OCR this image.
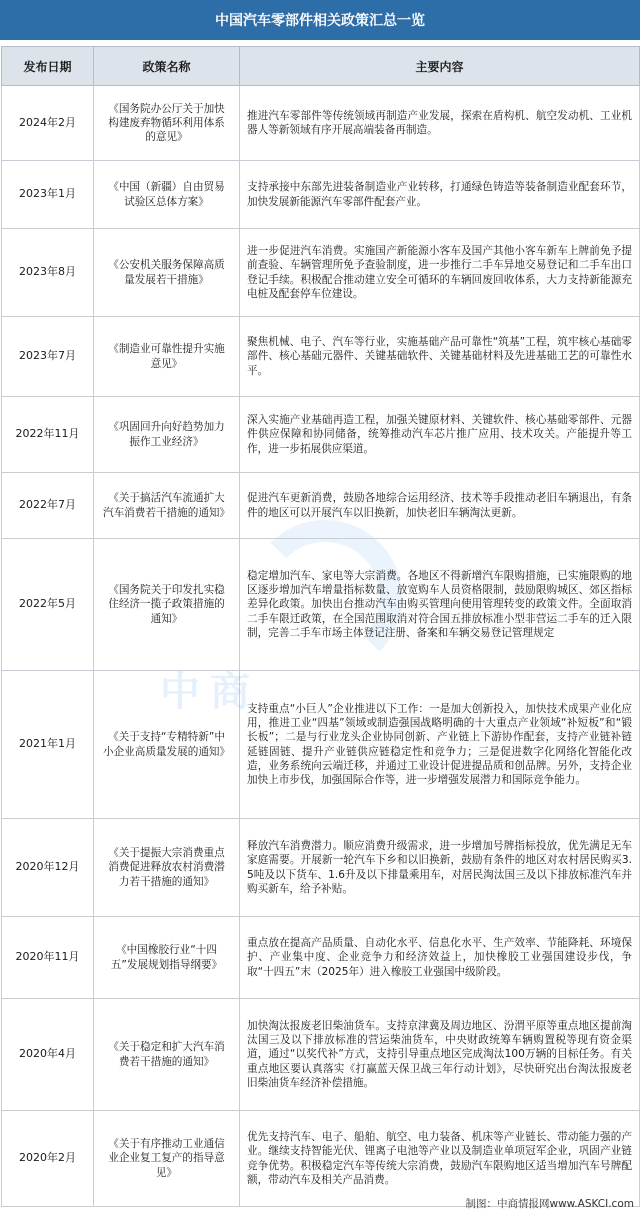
中国汽车零部件相关政策汇总一览
发布日期	政策名称	主要内容
2024年2月	《国务院办公厅关于加快构建废弃物循环利用体系的意见》	推进汽车零部件等传统领域再制造产业发展，探索在盾构机、航空发动机、工业机器人等新领域有序开展高端装备再制造。
2023年1月	《中国（新疆）自由贸易试验区总体方案》	支持承接中东部先进装备制造业产业转移，打通绿色铸造等装备制造业配套环节，加快发展新能源汽车零部件配套产业。
2023年8月	《公安机关服务保障高质量发展若干措施》	进一步促进汽车消费。实施国产新能源小客车及国产其他小客车新车上牌前免予提前查验、车辆管理所免予查验制度，进一步推行二手车异地交易登记和二手车出口登记手续。积极配合推动建立安全可循环的车辆回废回收体系，大力支持新能源充电桩及配套停车位建设。
2023年7月	《制造业可靠性提升实施意见》	聚焦机械、电子、汽车等行业，实施基础产品可靠性“筑基”工程，筑牢核心基础零部件、核心基础元器件、关键基础软件、关键基础材料及先进基础工艺的可靠性水平。
2022年11月	《巩固回升向好趋势加力振作工业经济》	深入实施产业基础再造工程，加强关键原材料、关键软件、核心基础零部件、元器件供应保障和协同储备，统筹推动汽车芯片推广应用、技术攻关。产能提升等工作，进一步拓展供应渠道。
2022年7月	《关于搞活汽车流通扩大汽车消费若干措施的通知》	促进汽车更新消费，鼓励各地综合运用经济、技术等手段推动老旧车辆退出，有条件的地区可以开展汽车以旧换新，加快老旧车辆淘汰更新。
2022年5月	《国务院关于印发扎实稳住经济一揽子政策措施的通知》	稳定增加汽车、家电等大宗消费。各地区不得新增汽车限购措施，已实施限购的地区逐步增加汽车增量指标数量、放宽购车人员资格限制，鼓励限购城区、郊区指标差异化政策。加快出台推动汽车由购买管理向使用管理转变的政策文件。全面取消二手车限迁政策，在全国范围取消对符合国五排放标准小型非营运二手车的迁入限制，完善二手车市场主体登记注册、备案和车辆交易登记管理规定
2021年1月	《关于支持“专精特新”中小企业高质量发展的通知》	支持重点“小巨人”企业推进以下工作：一是加大创新投入，加快技术成果产业化应用，推进工业“四基”领域或制造强国战略明确的十大重点产业领域“补短板”和“锻长板”；二是与行业龙头企业协同创新、产业链上下游协作配套，支持产业链补链延链固链、提升产业链供应链稳定性和竞争力；三是促进数字化网络化智能化改造，业务系统向云端迁移，并通过工业设计促进提品质和创品牌。另外，支持企业加快上市步伐，加强国际合作等，进一步增强发展潜力和国际竞争能力。
2020年12月	《关于提振大宗消费重点消费促进释放农村消费潜力若干措施的通知》	释放汽车消费潜力。顺应消费升级需求，进一步增加号牌指标投放，优先满足无车家庭需要。开展新一轮汽车下乡和以旧换新，鼓励有条件的地区对农村居民购买3.5吨及以下货车、1.6升及以下排量乘用车，对居民淘汰国三及以下排放标准汽车并购买新车，给予补贴。
2020年11月	《中国橡胶行业“十四五”发展规划指导纲要》	重点放在提高产品质量、自动化水平、信息化水平、生产效率、节能降耗、环境保护、产业集中度、企业竞争力和经济效益上，加快橡胶工业强国建设步伐，争取“十四五”末（2025年）进入橡胶工业强国中级阶段。
2020年4月	《关于稳定和扩大汽车消费若干措施的通知》	加快淘汰报废老旧柴油货车。支持京津冀及周边地区、汾渭平原等重点地区提前淘汰国三及以下排放标准的营运柴油货车，中央财政统筹车辆购置税等现有资金渠道，通过“以奖代补”方式，支持引导重点地区完成淘汰100万辆的目标任务。有关重点地区要认真落实《打赢蓝天保卫战三年行动计划》，尽快研究出台淘汰报废老旧柴油货车经济补偿措施。
2020年2月	《关于有序推动工业通信业企业复工复产的指导意见》	优先支持汽车、电子、船舶、航空、电力装备、机床等产业链长、带动能力强的产业。继续支持智能光伏、锂离子电池等产业以及制造业单项冠军企业，巩固产业链竞争优势。积极稳定汽车等传统大宗消费，鼓励汽车限购地区适当增加汽车号牌配额，带动汽车及相关产品消费。
中商
制图：中商情报网www.ASKCI.com
